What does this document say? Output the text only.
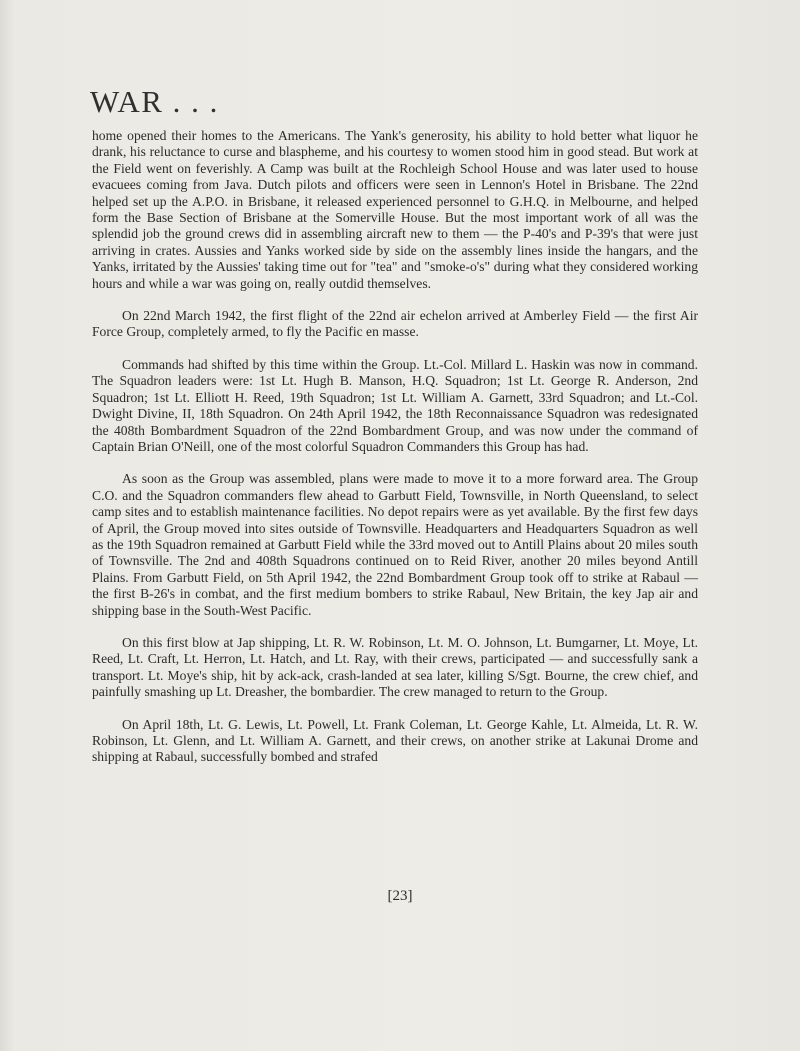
WAR . . .

home opened their homes to the Americans. The Yank's generosity, his ability to hold better what liquor he drank, his reluctance to curse and blaspheme, and his courtesy to women stood him in good stead. But work at the Field went on feverishly. A Camp was built at the Rochleigh School House and was later used to house evacuees coming from Java. Dutch pilots and officers were seen in Lennon's Hotel in Brisbane. The 22nd helped set up the A.P.O. in Brisbane, it released experienced personnel to G.H.Q. in Melbourne, and helped form the Base Section of Brisbane at the Somerville House. But the most important work of all was the splendid job the ground crews did in assembling aircraft new to them — the P-40's and P-39's that were just arriving in crates. Aussies and Yanks worked side by side on the assembly lines inside the hangars, and the Yanks, irritated by the Aussies' taking time out for "tea" and "smoke-o's" during what they considered working hours and while a war was going on, really outdid themselves.

On 22nd March 1942, the first flight of the 22nd air echelon arrived at Amberley Field — the first Air Force Group, completely armed, to fly the Pacific en masse.

Commands had shifted by this time within the Group. Lt.-Col. Millard L. Haskin was now in command. The Squadron leaders were: 1st Lt. Hugh B. Manson, H.Q. Squadron; 1st Lt. George R. Anderson, 2nd Squadron; 1st Lt. Elliott H. Reed, 19th Squadron; 1st Lt. William A. Garnett, 33rd Squadron; and Lt.-Col. Dwight Divine, II, 18th Squadron. On 24th April 1942, the 18th Reconnaissance Squadron was redesignated the 408th Bombardment Squadron of the 22nd Bombardment Group, and was now under the command of Captain Brian O'Neill, one of the most colorful Squadron Commanders this Group has had.

As soon as the Group was assembled, plans were made to move it to a more forward area. The Group C.O. and the Squadron commanders flew ahead to Garbutt Field, Townsville, in North Queensland, to select camp sites and to establish maintenance facilities. No depot repairs were as yet available. By the first few days of April, the Group moved into sites outside of Townsville. Headquarters and Headquarters Squadron as well as the 19th Squadron remained at Garbutt Field while the 33rd moved out to Antill Plains about 20 miles south of Townsville. The 2nd and 408th Squadrons continued on to Reid River, another 20 miles beyond Antill Plains. From Garbutt Field, on 5th April 1942, the 22nd Bombardment Group took off to strike at Rabaul — the first B-26's in combat, and the first medium bombers to strike Rabaul, New Britain, the key Jap air and shipping base in the South-West Pacific.

On this first blow at Jap shipping, Lt. R. W. Robinson, Lt. M. O. Johnson, Lt. Bumgarner, Lt. Moye, Lt. Reed, Lt. Craft, Lt. Herron, Lt. Hatch, and Lt. Ray, with their crews, participated — and successfully sank a transport. Lt. Moye's ship, hit by ack-ack, crash-landed at sea later, killing S/Sgt. Bourne, the crew chief, and painfully smashing up Lt. Dreasher, the bombardier. The crew managed to return to the Group.

On April 18th, Lt. G. Lewis, Lt. Powell, Lt. Frank Coleman, Lt. George Kahle, Lt. Almeida, Lt. R. W. Robinson, Lt. Glenn, and Lt. William A. Garnett, and their crews, on another strike at Lakunai Drome and shipping at Rabaul, successfully bombed and strafed

[23]
